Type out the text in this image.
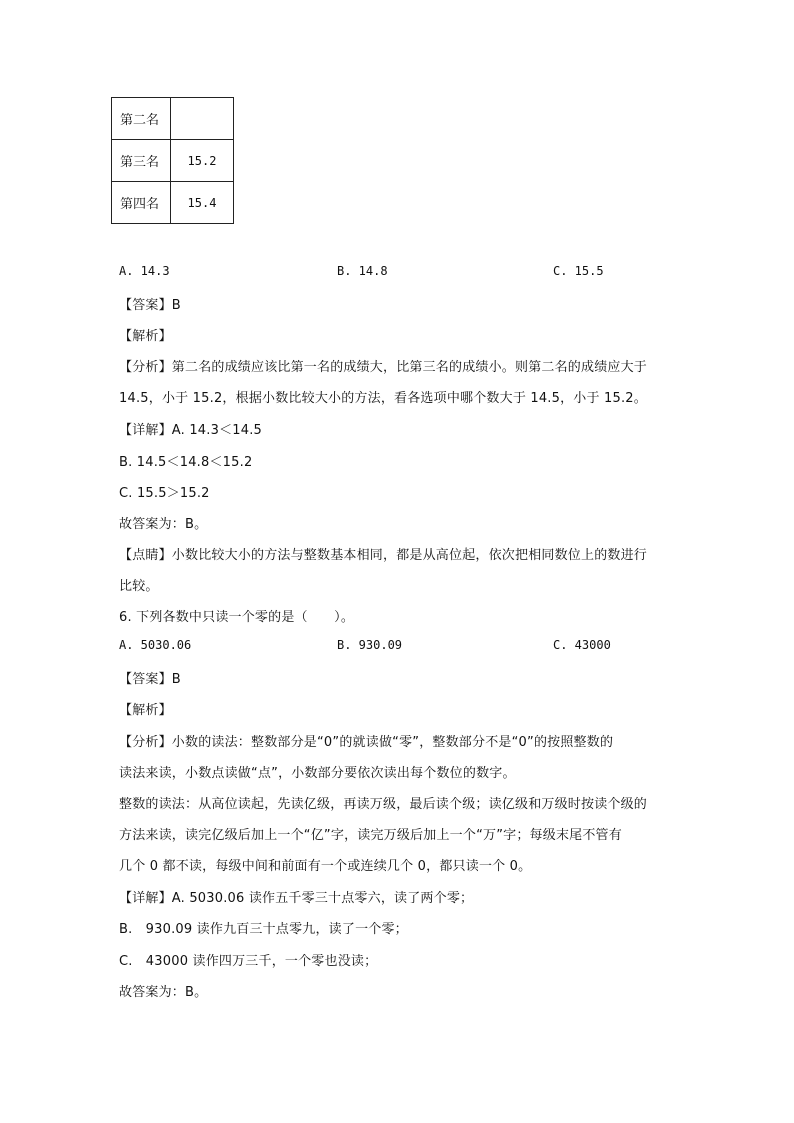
第二名	
第三名	15.2
第四名	15.4
A. 14.3	B. 14.8	C. 15.5
【答案】B
【解析】
【分析】第二名的成绩应该比第一名的成绩大，比第三名的成绩小。则第二名的成绩应大于
14.5，小于 15.2，根据小数比较大小的方法，看各选项中哪个数大于 14.5，小于 15.2。
【详解】A. 14.3＜14.5
B. 14.5＜14.8＜15.2
C. 15.5＞15.2
故答案为：B。
【点睛】小数比较大小的方法与整数基本相同，都是从高位起，依次把相同数位上的数进行
比较。
6. 下列各数中只读一个零的是（　　）。
A. 5030.06	B. 930.09	C. 43000
【答案】B
【解析】
【分析】小数的读法：整数部分是“0”的就读做“零”，整数部分不是“0”的按照整数的
读法来读，小数点读做“点”，小数部分要依次读出每个数位的数字。
整数的读法：从高位读起，先读亿级，再读万级，最后读个级；读亿级和万级时按读个级的
方法来读，读完亿级后加上一个“亿”字，读完万级后加上一个“万”字；每级末尾不管有
几个 0 都不读，每级中间和前面有一个或连续几个 0，都只读一个 0。
【详解】A. 5030.06 读作五千零三十点零六，读了两个零；
B.　930.09 读作九百三十点零九，读了一个零；
C.　43000 读作四万三千，一个零也没读；
故答案为：B。
